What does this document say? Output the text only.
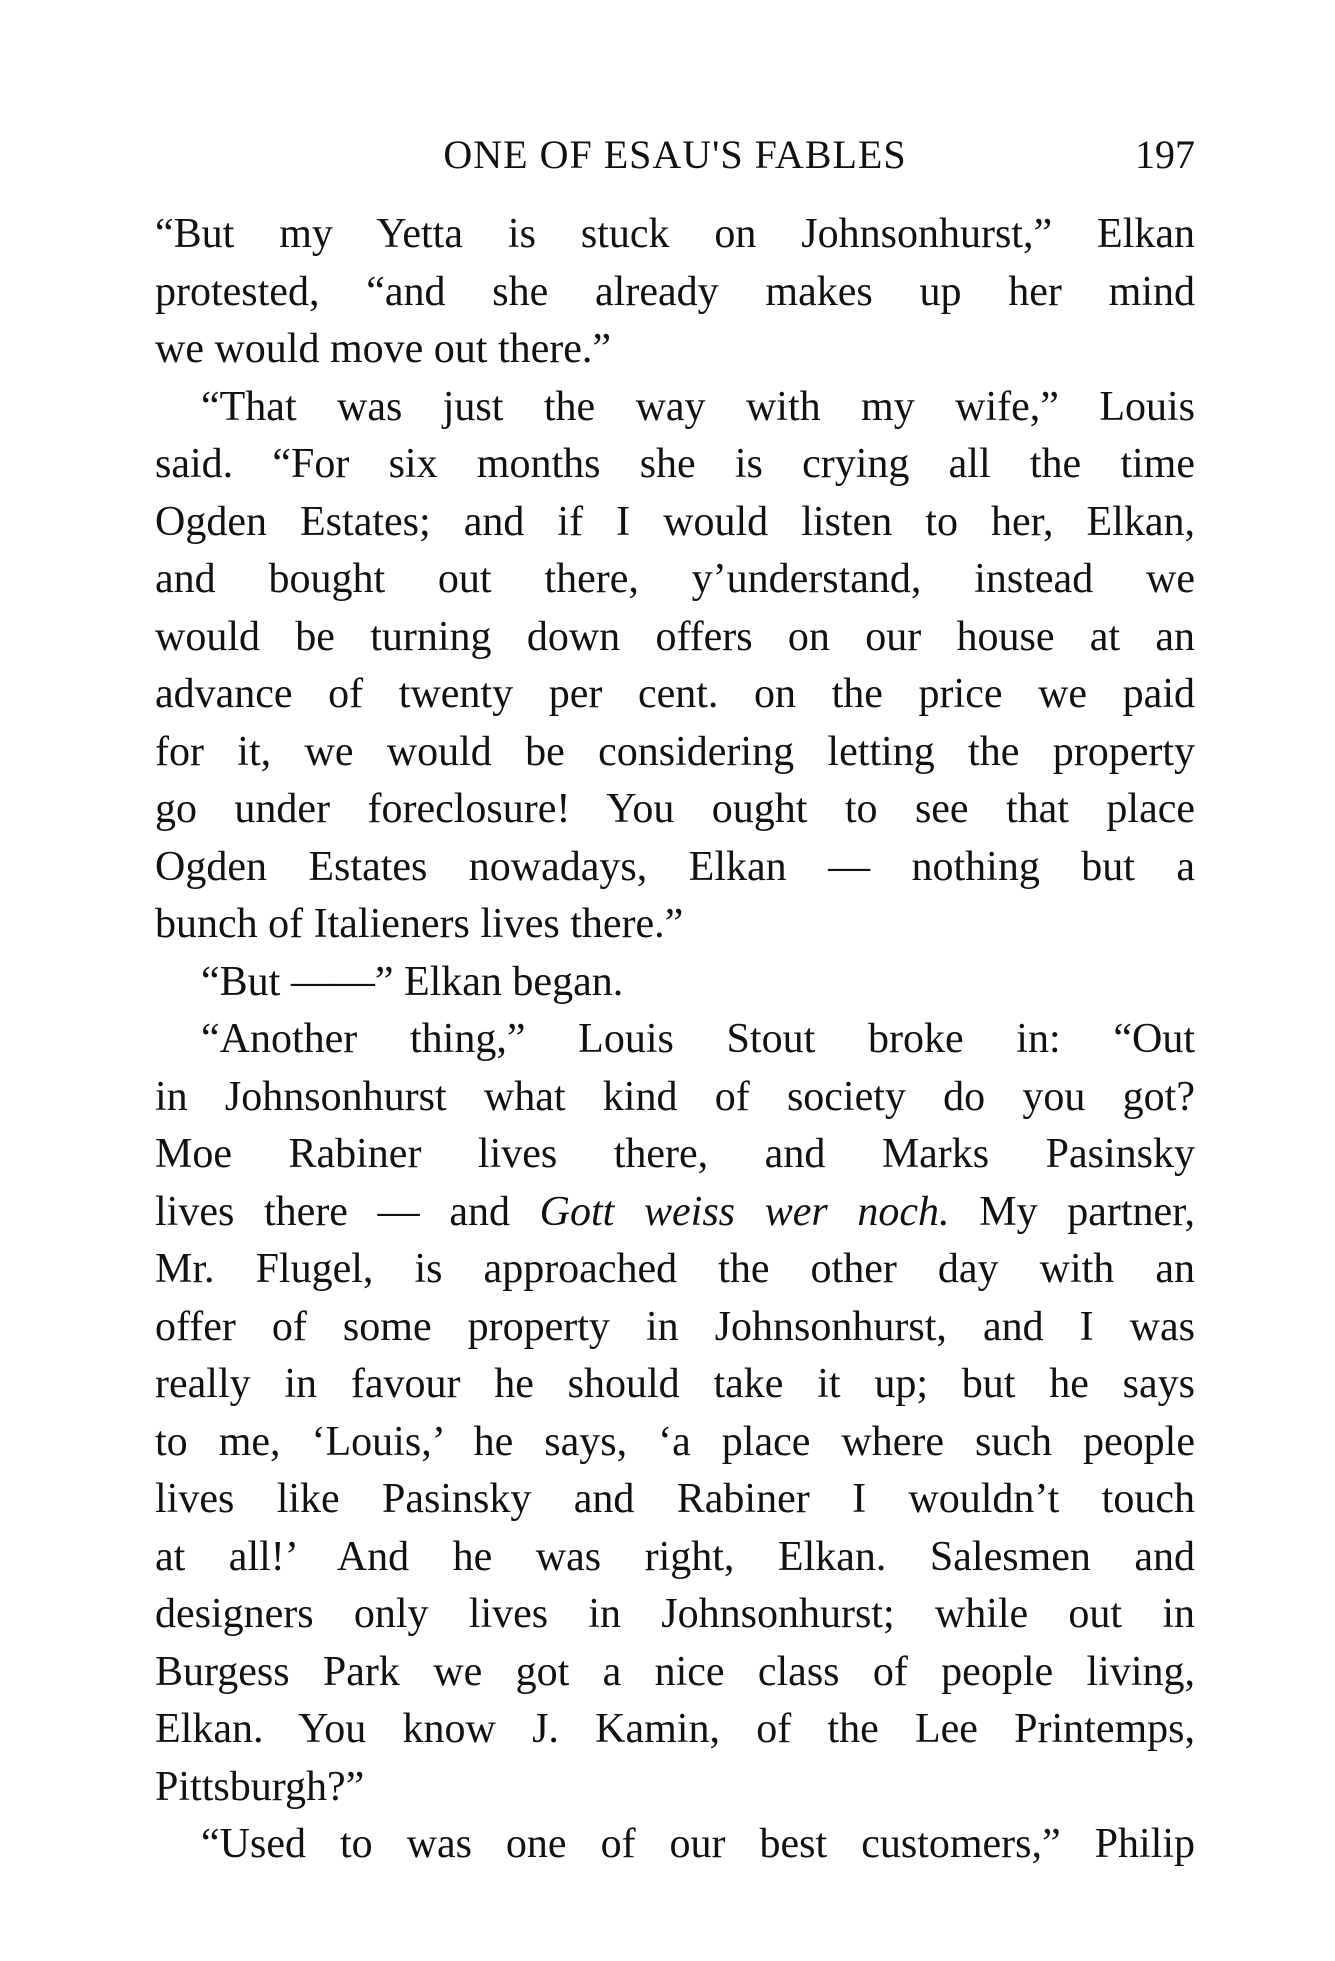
ONE OF ESAU'S FABLES	197
“But my Yetta is stuck on Johnsonhurst,” Elkan
protested, “and she already makes up her mind
we would move out there.”
“That was just the way with my wife,” Louis
said. “For six months she is crying all the time
Ogden Estates; and if I would listen to her, Elkan,
and bought out there, y’understand, instead we
would be turning down offers on our house at an
advance of twenty per cent. on the price we paid
for it, we would be considering letting the property
go under foreclosure! You ought to see that place
Ogden Estates nowadays, Elkan — nothing but a
bunch of Italieners lives there.”
“But ——” Elkan began.
“Another thing,” Louis Stout broke in: “Out
in Johnsonhurst what kind of society do you got?
Moe Rabiner lives there, and Marks Pasinsky
lives there — and Gott weiss wer noch. My partner,
Mr. Flugel, is approached the other day with an
offer of some property in Johnsonhurst, and I was
really in favour he should take it up; but he says
to me, ‘Louis,’ he says, ‘a place where such people
lives like Pasinsky and Rabiner I wouldn’t touch
at all!’ And he was right, Elkan. Salesmen and
designers only lives in Johnsonhurst; while out in
Burgess Park we got a nice class of people living,
Elkan. You know J. Kamin, of the Lee Printemps,
Pittsburgh?”
“Used to was one of our best customers,” Philip
